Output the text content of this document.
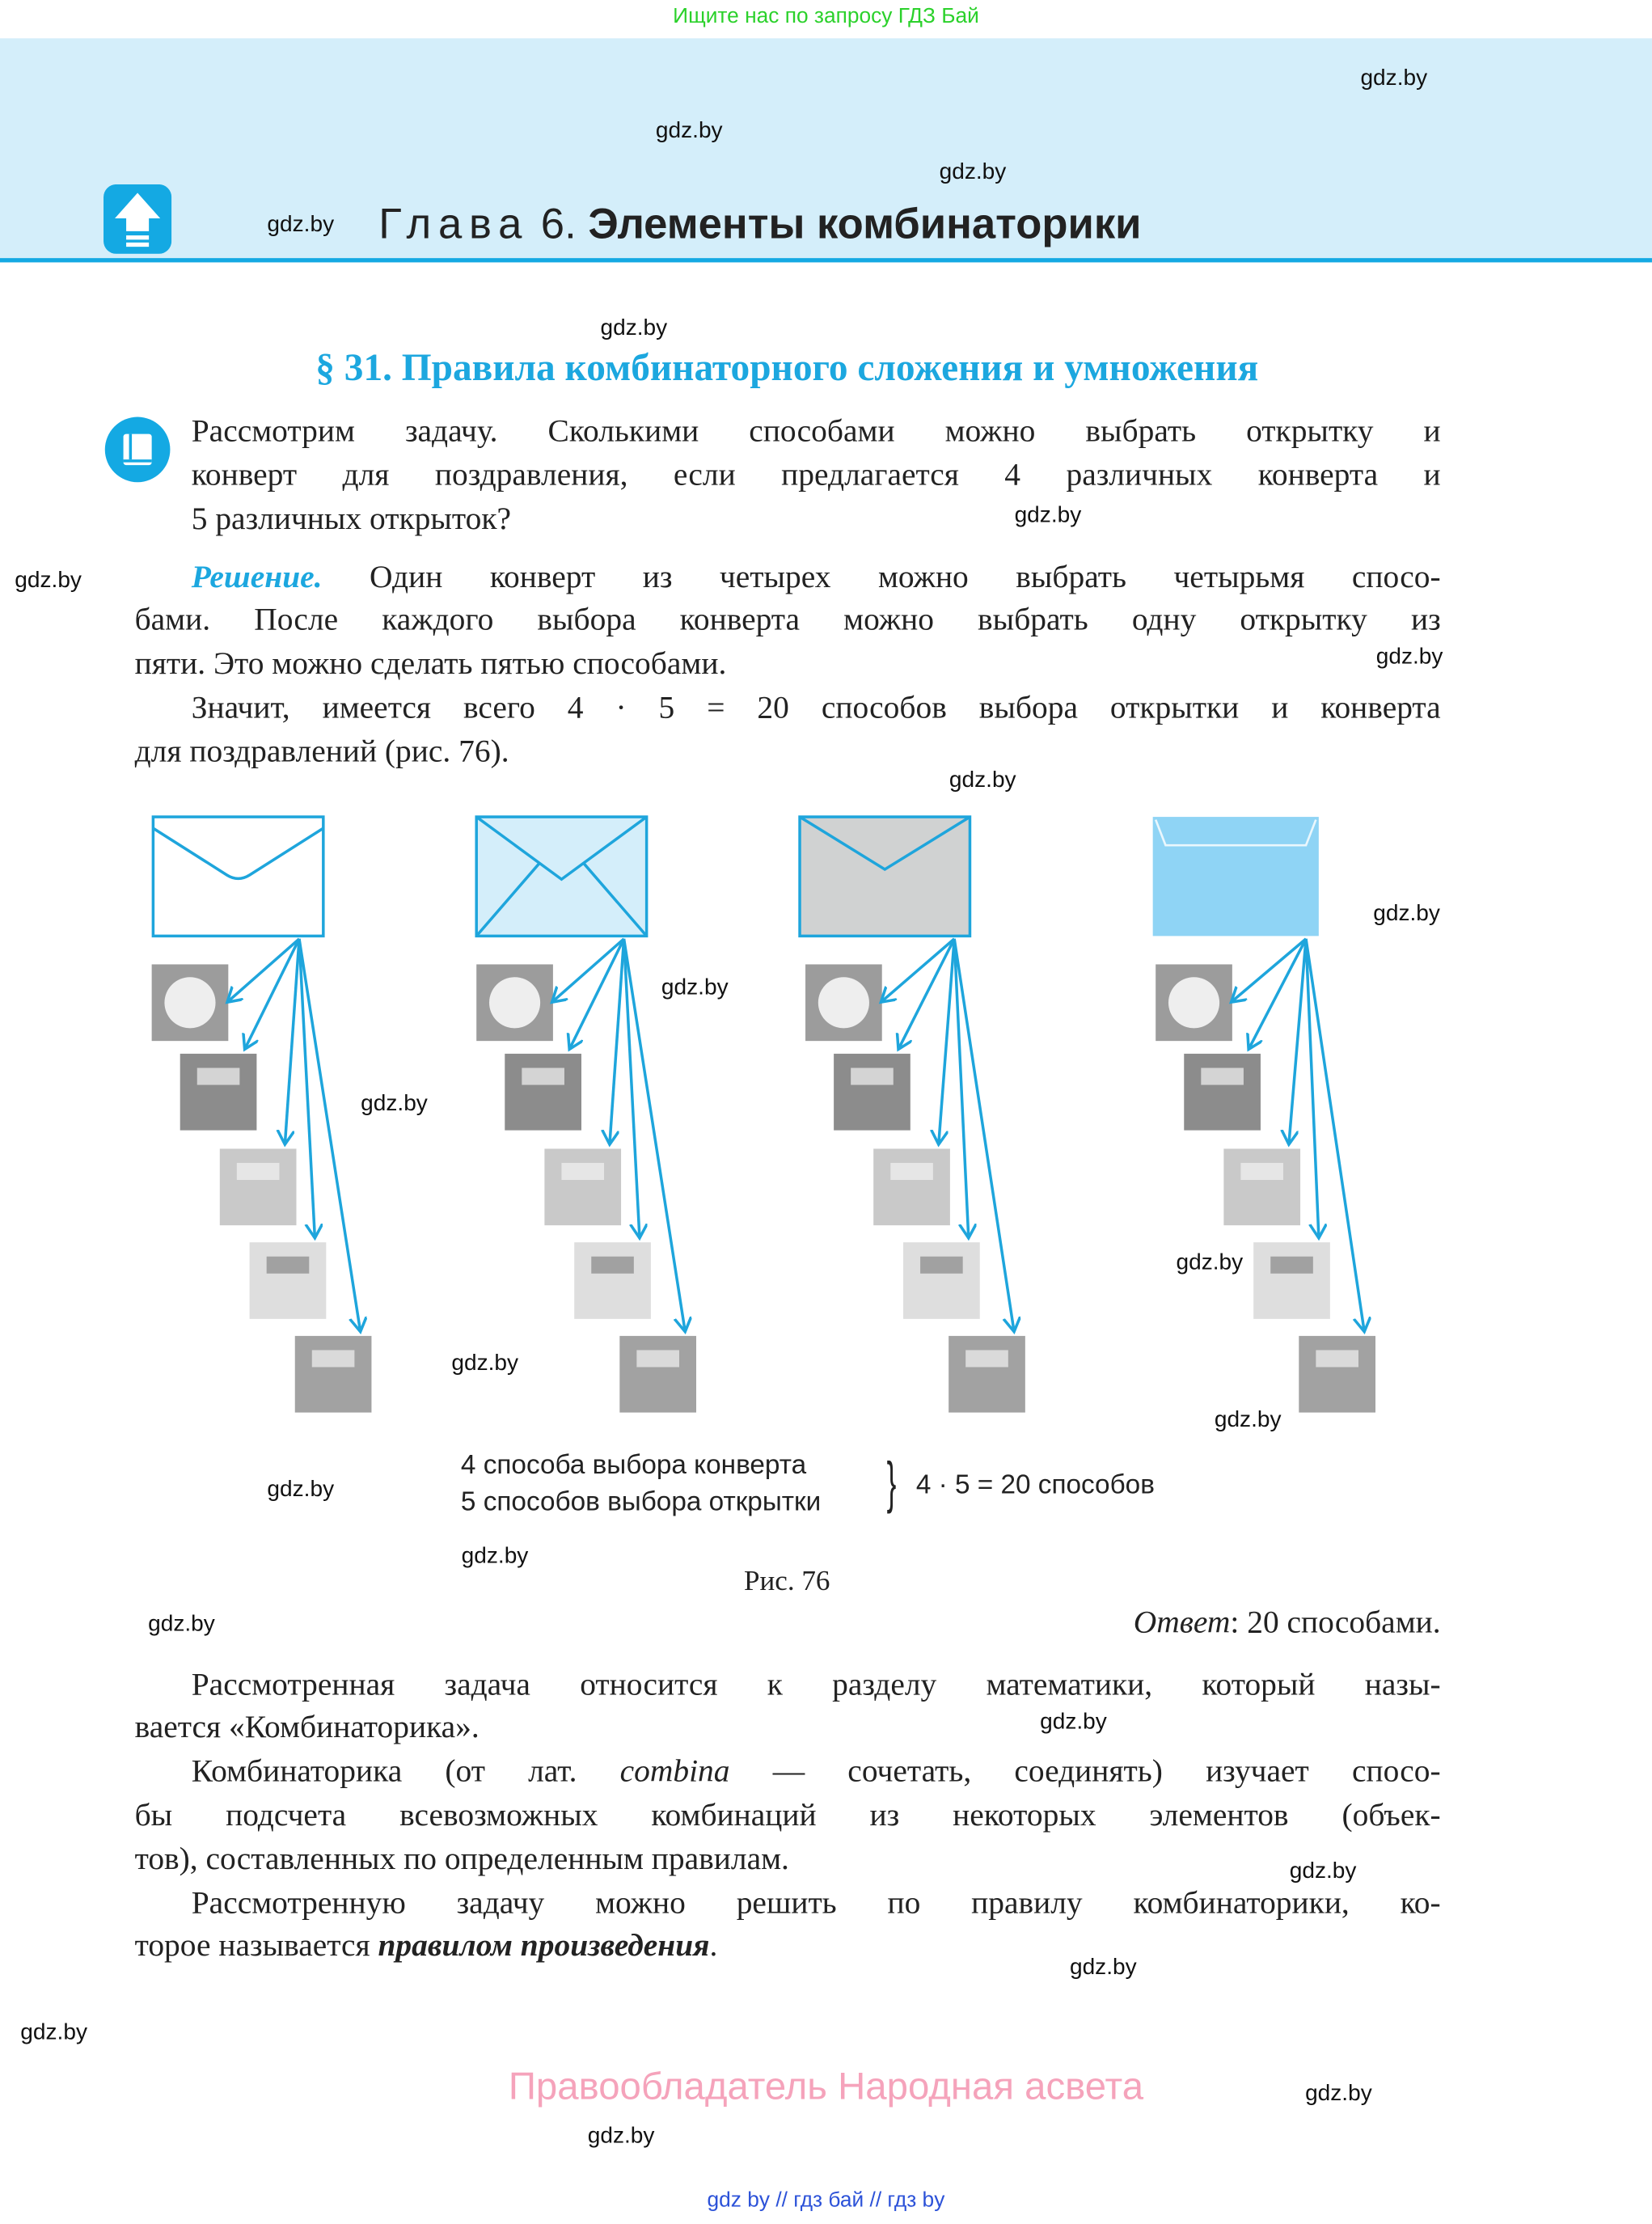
Ищите нас по запросу ГДЗ Бай
Глава 6. Элементы комбинаторики
§ 31. Правила комбинаторного сложения и умножения
Рассмотрим задачу. Сколькими способами можно выбрать открытку и
конверт для поздравления, если предлагается 4 различных конверта и
5 различных открыток?
Решение. Один конверт из четырех можно выбрать четырьмя спосо-
бами. После каждого выбора конверта можно выбрать одну открытку из
пяти. Это можно сделать пятью способами.
Значит, имеется всего 4 · 5 = 20 способов выбора открытки и конверта
для поздравлений (рис. 76).
4 способа выбора конверта
5 способов выбора открытки } 4 · 5 = 20 способов
Рис. 76
Ответ: 20 способами.
Рассмотренная задача относится к разделу математики, который назы-
вается «Комбинаторика».
Комбинаторика (от лат. combina — сочетать, соединять) изучает спосо-
бы подсчета всевозможных комбинаций из некоторых элементов (объек-
тов), составленных по определенным правилам.
Рассмотренную задачу можно решить по правилу комбинаторики, ко-
торое называется правилом произведения.
Правообладатель Народная асвета
gdz by // гдз бай // гдз by
gdz.by
gdz.by
gdz.by
gdz.by
gdz.by
gdz.by
gdz.by
gdz.by
gdz.by
gdz.by
gdz.by
gdz.by
gdz.by
gdz.by
gdz.by
gdz.by
gdz.by
gdz.by
gdz.by
gdz.by
gdz.by
gdz.by
gdz.by
gdz.by
